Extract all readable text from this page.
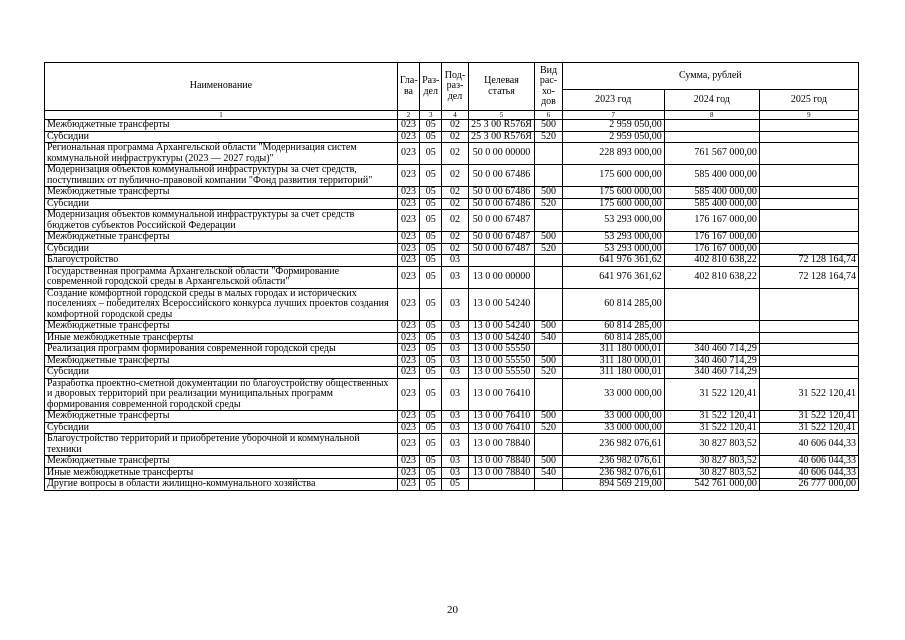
Наименование	Гла-ва	Раз-дел	Под-раз-дел	Целевая статья	Вид рас-хо-дов	Сумма, рублей		
						2023 год	2024 год	2025 год
1	2	3	4	5	6	7	8	9
Межбюджетные трансферты	023	05	02	25 3 00 R576Я	500	2 959 050,00		
Субсидии	023	05	02	25 3 00 R576Я	520	2 959 050,00		
Региональная программа Архангельской области "Модернизация систем коммунальной инфраструктуры (2023 — 2027 годы)"	023	05	02	50 0 00 00000		228 893 000,00	761 567 000,00	
Модернизация объектов коммунальной инфраструктуры за счет средств, поступивших от публично-правовой компании "Фонд развития территорий"	023	05	02	50 0 00 67486		175 600 000,00	585 400 000,00	
Межбюджетные трансферты	023	05	02	50 0 00 67486	500	175 600 000,00	585 400 000,00	
Субсидии	023	05	02	50 0 00 67486	520	175 600 000,00	585 400 000,00	
Модернизация объектов коммунальной инфраструктуры за счет средств бюджетов субъектов Российской Федерации	023	05	02	50 0 00 67487		53 293 000,00	176 167 000,00	
Межбюджетные трансферты	023	05	02	50 0 00 67487	500	53 293 000,00	176 167 000,00	
Субсидии	023	05	02	50 0 00 67487	520	53 293 000,00	176 167 000,00	
Благоустройство	023	05	03			641 976 361,62	402 810 638,22	72 128 164,74
Государственная программа Архангельской области "Формирование современной городской среды в Архангельской области"	023	05	03	13 0 00 00000		641 976 361,62	402 810 638,22	72 128 164,74
Создание комфортной городской среды в малых городах и исторических поселениях – победителях Всероссийского конкурса лучших проектов создания комфортной городской среды	023	05	03	13 0 00 54240		60 814 285,00		
Межбюджетные трансферты	023	05	03	13 0 00 54240	500	60 814 285,00		
Иные межбюджетные трансферты	023	05	03	13 0 00 54240	540	60 814 285,00		
Реализация программ формирования современной городской среды	023	05	03	13 0 00 55550		311 180 000,01	340 460 714,29	
Межбюджетные трансферты	023	05	03	13 0 00 55550	500	311 180 000,01	340 460 714,29	
Субсидии	023	05	03	13 0 00 55550	520	311 180 000,01	340 460 714,29	
Разработка проектно-сметной документации по благоустройству общественных и дворовых территорий при реализации муниципальных программ формирования современной городской среды	023	05	03	13 0 00 76410		33 000 000,00	31 522 120,41	31 522 120,41
Межбюджетные трансферты	023	05	03	13 0 00 76410	500	33 000 000,00	31 522 120,41	31 522 120,41
Субсидии	023	05	03	13 0 00 76410	520	33 000 000,00	31 522 120,41	31 522 120,41
Благоустройство территорий и приобретение уборочной и коммунальной техники	023	05	03	13 0 00 78840		236 982 076,61	30 827 803,52	40 606 044,33
Межбюджетные трансферты	023	05	03	13 0 00 78840	500	236 982 076,61	30 827 803,52	40 606 044,33
Иные межбюджетные трансферты	023	05	03	13 0 00 78840	540	236 982 076,61	30 827 803,52	40 606 044,33
Другие вопросы в области жилищно-коммунального хозяйства	023	05	05			894 569 219,00	542 761 000,00	26 777 000,00
20
